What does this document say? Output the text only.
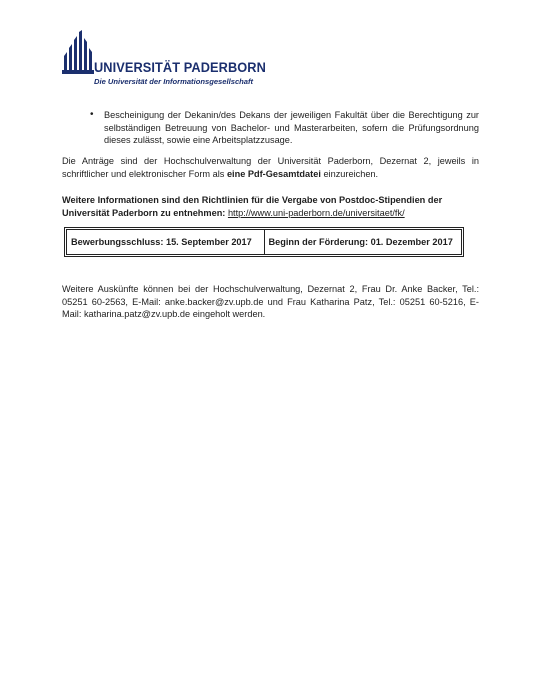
UNIVERSITÄT PADERBORN
Die Universität der Informationsgesellschaft
• Bescheinigung der Dekanin/des Dekans der jeweiligen Fakultät über die Berechtigung zur selbständigen Betreuung von Bachelor- und Masterarbeiten, sofern die Prüfungsordnung dieses zulässt, sowie eine Arbeitsplatzzusage.
Die Anträge sind der Hochschulverwaltung der Universität Paderborn, Dezernat 2, jeweils in schriftlicher und elektronischer Form als eine Pdf-Gesamtdatei einzureichen.
Weitere Informationen sind den Richtlinien für die Vergabe von Postdoc-Stipendien der Universität Paderborn zu entnehmen: http://www.uni-paderborn.de/universitaet/fk/
Bewerbungsschluss: 15. September 2017	Beginn der Förderung: 01. Dezember 2017
Weitere Auskünfte können bei der Hochschulverwaltung, Dezernat 2, Frau Dr. Anke Backer, Tel.: 05251 60-2563, E-Mail: anke.backer@zv.upb.de und Frau Katharina Patz, Tel.: 05251 60-5216, E-Mail: katharina.patz@zv.upb.de eingeholt werden.
